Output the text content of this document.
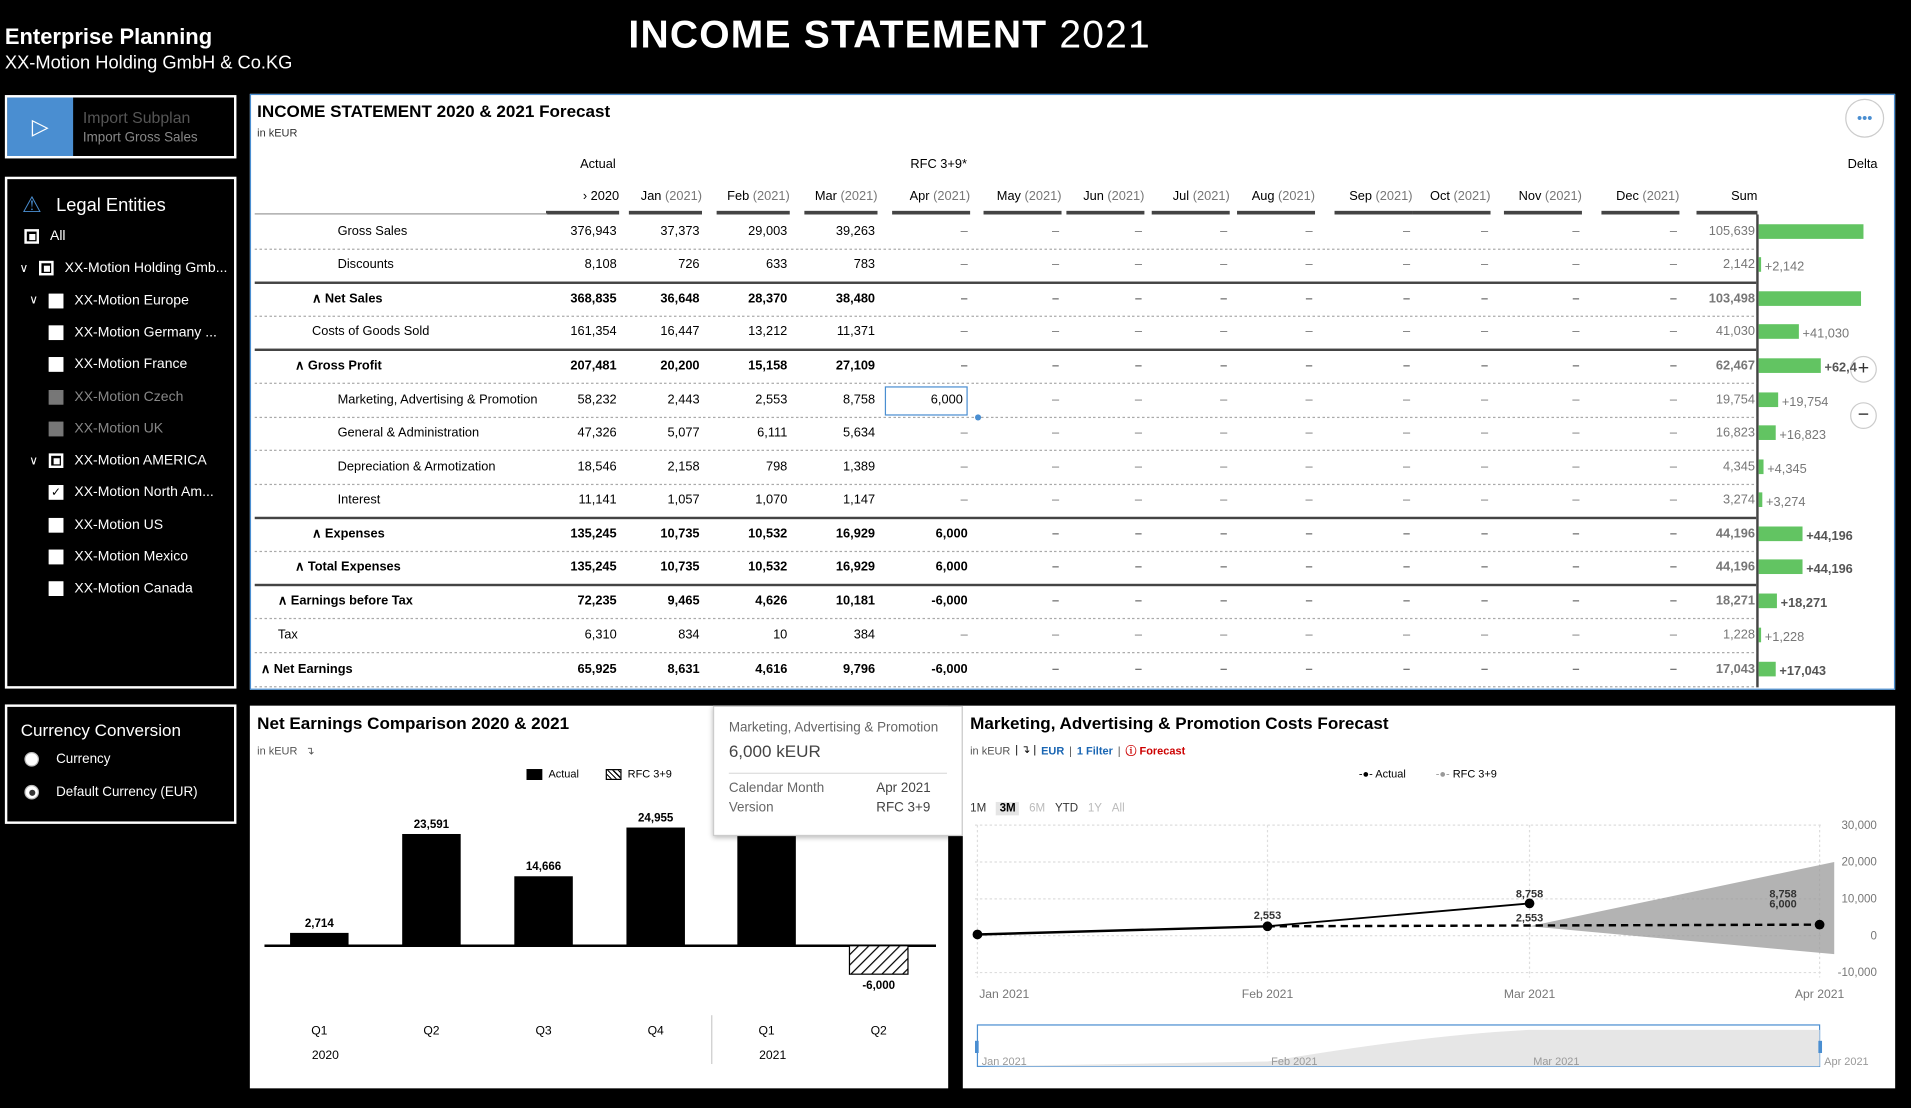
Enterprise Planning
XX-Motion Holding GmbH & Co.KG
INCOME STATEMENT 2021
▷	Import Subplan
Import Gross Sales
⚠ Legal Entities
All
∨	XX-Motion Holding Gmb...
∨	XX-Motion Europe
XX-Motion Germany ...
XX-Motion France
XX-Motion Czech
XX-Motion UK
∨	XX-Motion AMERICA
✓ XX-Motion North Am...
XX-Motion US
XX-Motion Mexico
XX-Motion Canada
Currency Conversion
Currency
Default Currency (EUR)
INCOME STATEMENT 2020 & 2021 Forecast
in kEUR
•••
+
−
Actual	RFC 3+9*	Delta
› 2020	Jan (2021)	Feb (2021)	Mar (2021)	Apr (2021)	May (2021)	Jun (2021)	Jul (2021)	Aug (2021)	Sep (2021)	Oct (2021)	Nov (2021)	Dec (2021)	Sum
Gross Sales	376,943	37,373	29,003	39,263	–	–	–	–	–	–	–	–	–	105,639
Discounts	8,108	726	633	783	–	–	–	–	–	–	–	–	–	2,142 +2,142
∧ Net Sales	368,835	36,648	28,370	38,480	–	–	–	–	–	–	–	–	–	103,498
Costs of Goods Sold	161,354	16,447	13,212	11,371	–	–	–	–	–	–	–	–	–	41,030	+41,030
∧ Gross Profit	207,481	20,200	15,158	27,109	–	–	–	–	–	–	–	–	–	62,467	+62,4
Marketing, Advertising & Promotion	58,232	2,443	2,553	8,758	6,000	–	–	–	–	–	–	–	–	19,754	+19,754
General & Administration	47,326	5,077	6,111	5,634	–	–	–	–	–	–	–	–	–	16,823 +16,823
Depreciation & Armotization	18,546	2,158	798	1,389	–	–	–	–	–	–	–	–	–	4,345 +4,345
Interest	11,141	1,057	1,070	1,147	–	–	–	–	–	–	–	–	–	3,274 +3,274
∧ Expenses	135,245	10,735	10,532	16,929	6,000	–	–	–	–	–	–	–	–	44,196	+44,196
∧ Total Expenses	135,245	10,735	10,532	16,929	6,000	–	–	–	–	–	–	–	–	44,196	+44,196
∧ Earnings before Tax	72,235	9,465	4,626	10,181	-6,000	–	–	–	–	–	–	–	–	18,271 +18,271
Tax	6,310	834	10	384	–	–	–	–	–	–	–	–	–	1,228 +1,228
∧ Net Earnings	65,925	8,631	4,616	9,796	-6,000	–	–	–	–	–	–	–	–	17,043 +17,043
Net Earnings Comparison 2020 & 2021
in kEUR ↴
Actual	RFC 3+9
2,714
23,591
14,666
24,955
-6,000
Q1	Q2	Q3	Q4	Q1	Q2
2020	2021
Marketing, Advertising & Promotion
6,000 kEUR
Calendar Month	Apr 2021
Version	RFC 3+9
Marketing, Advertising & Promotion Costs Forecast
in kEUR | ↴ | EUR | 1 Filter | ⓘ Forecast
-●- Actual	-●- RFC 3+9
1M	3M	6M YTD 1Y All
30,000
20,000
10,000
0
-10,000
2,553
8,758
2,553
8,758
6,000
Jan 2021	Feb 2021	Mar 2021	Apr 2021
Jan 2021	Feb 2021	Mar 2021	Apr 2021
